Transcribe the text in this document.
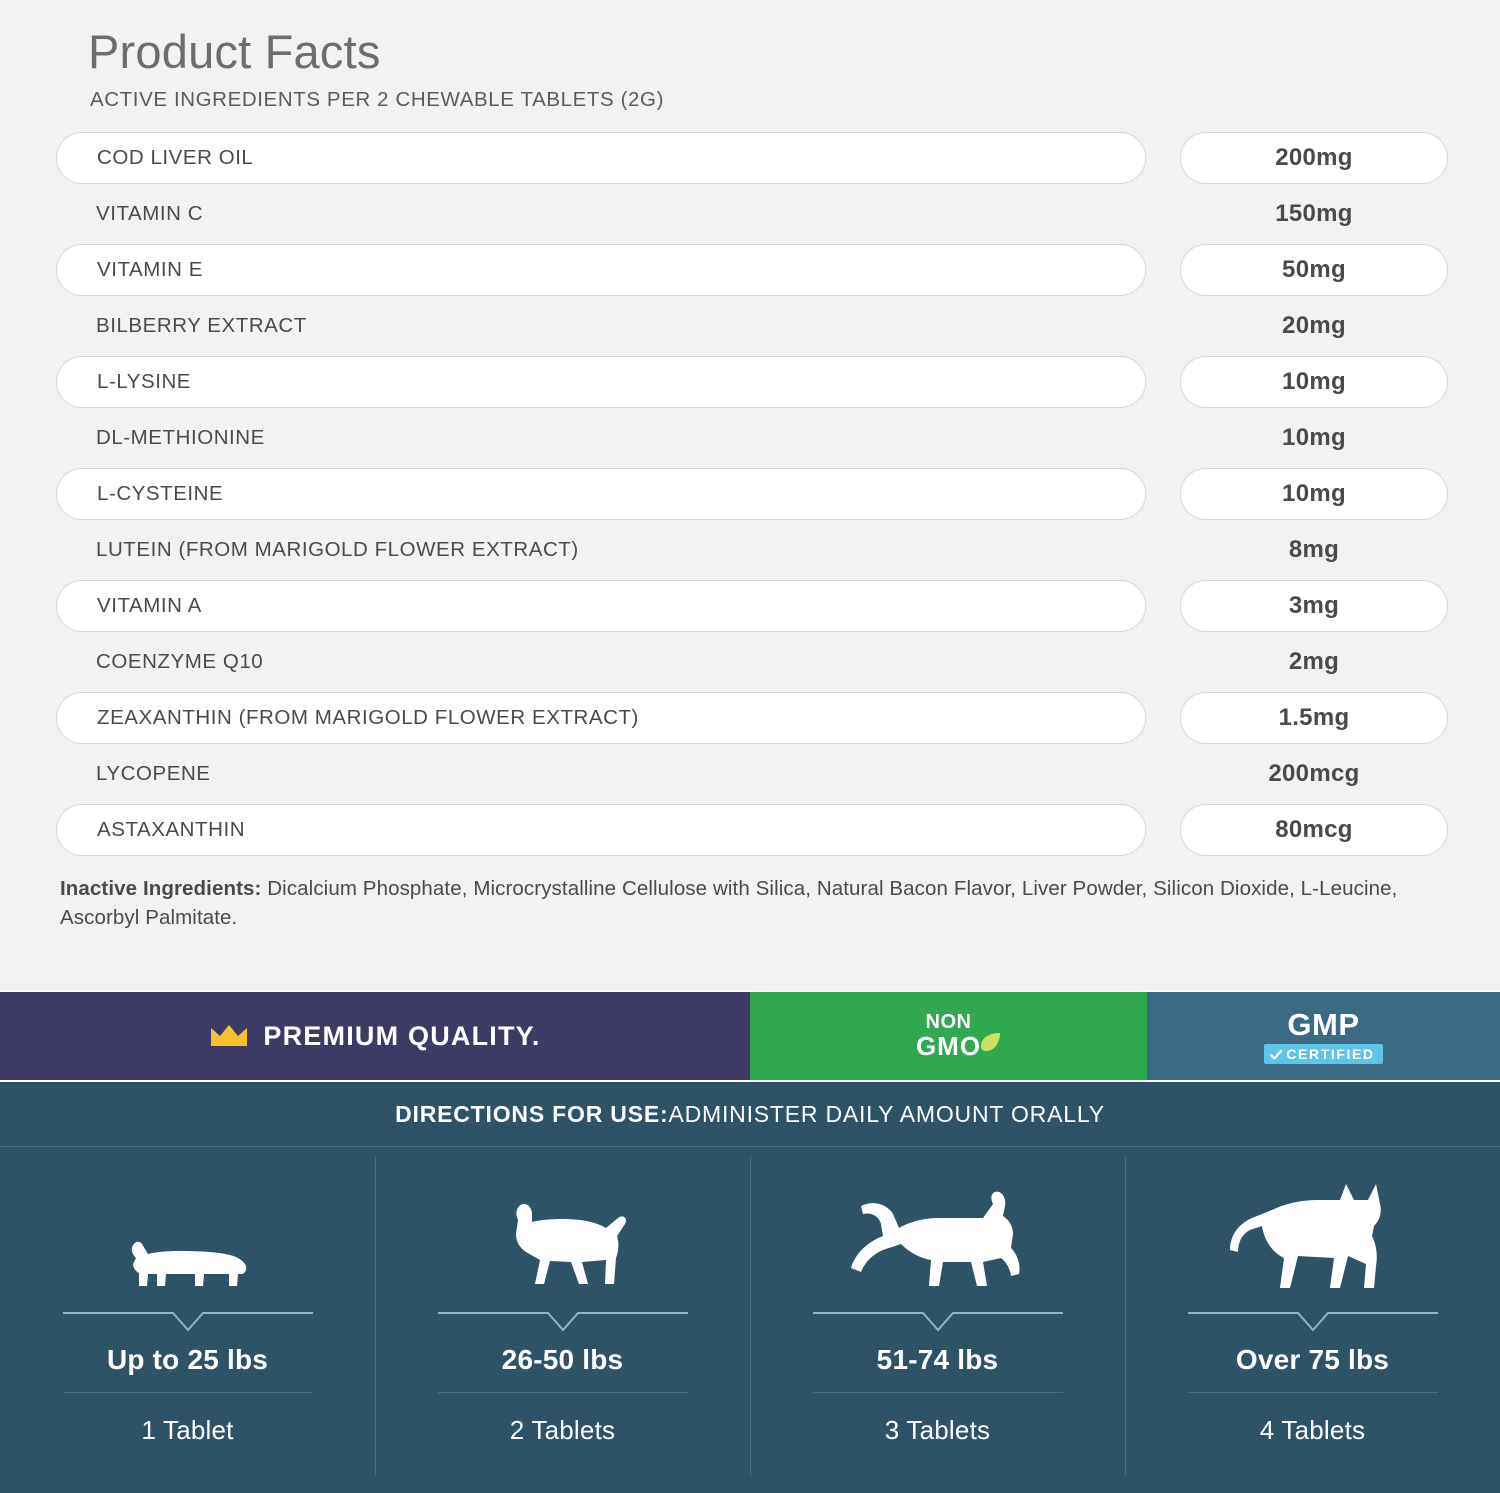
Product Facts
ACTIVE INGREDIENTS PER 2 CHEWABLE TABLETS (2G)
COD LIVER OIL	200mg
VITAMIN C	150mg
VITAMIN E	50mg
BILBERRY EXTRACT	20mg
L-LYSINE	10mg
DL-METHIONINE	10mg
L-CYSTEINE	10mg
LUTEIN (FROM MARIGOLD FLOWER EXTRACT)	8mg
VITAMIN A	3mg
COENZYME Q10	2mg
ZEAXANTHIN (FROM MARIGOLD FLOWER EXTRACT)	1.5mg
LYCOPENE	200mcg
ASTAXANTHIN	80mcg

Inactive Ingredients: Dicalcium Phosphate, Microcrystalline Cellulose with Silica, Natural Bacon Flavor, Liver Powder, Silicon Dioxide, L-Leucine, Ascorbyl Palmitate.

PREMIUM QUALITY.	NON
GMO
GMP
CERTIFIED
DIRECTIONS FOR USE: ADMINISTER DAILY AMOUNT ORALLY
Up to 25 lbs
1 Tablet
26-50 lbs
2 Tablets
51-74 lbs
3 Tablets
Over 75 lbs
4 Tablets
